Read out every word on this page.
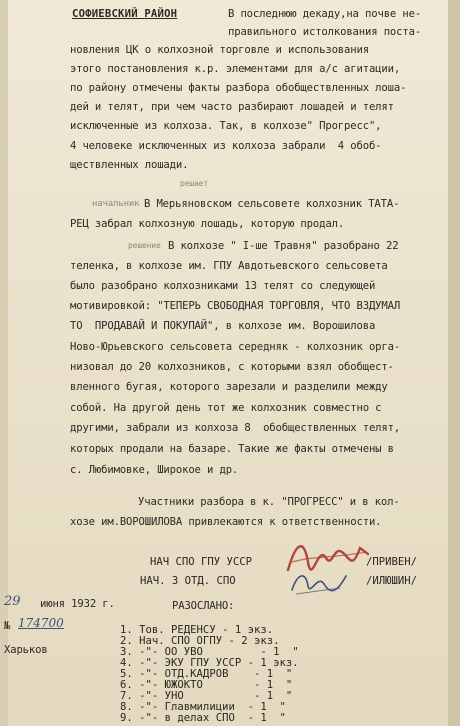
СОФИЕВСКИЙ РАЙОН	В последнюю декаду,на почве не-
правильного истолкования поста-
новления ЦК о колхозной торговле и использования
этого постановления к.р. элементами для а/с агитации,
по району отмечены факты разбора обобществленных лоша-
дей и телят, при чем часто разбирают лошадей и телят
исключенные из колхоза. Так, в колхозе" Прогресс",
4 человеке исключенных из колхоза забрали  4 обоб-
ществленных лошади.
решает
начальник В Мерьяновском сельсовете колхозник ТАТА-
РЕЦ забрал колхозную лошадь, которую продал.
решение В колхозе " I-ше Травня" разобрано 22
теленка, в колхозе им. ГПУ Авдотьевского сельсовета
было разобрано колхозниками 13 телят со следующей
мотивировкой: "ТЕПЕРЬ СВОБОДНАЯ ТОРГОВЛЯ, ЧТО ВЗДУМАЛ
ТО  ПРОДАВАЙ И ПОКУПАЙ", в колхозе им. Ворошилова
Ново-Юрьевского сельсовета середняк - колхозник орга-
низовал до 20 колхозников, с которыми взял обобщест-
вленного бугая, которого зарезали и разделили между
собой. На другой день тот же колхозник совместно с
другими, забрали из колхоза 8  обобществленных телят,
которых продали на базаре. Такие же факты отмечены в
с. Любимовке, Широкое и др.
Участники разбора в к. "ПРОГРЕСС" и в кол-
хозе им.ВОРОШИЛОВА привлекаются к ответственности.
НАЧ СПО ГПУ УССР	/ПРИВЕН/
НАЧ. 3 ОТД. СПО	/ИЛЮШИН/
29 июня 1932 г.
№ 174700
Харьков
РАЗОСЛАНО:
1. Тов. РЕДЕНСУ - 1 экз.
2. Нач. СПО ОГПУ - 2 экз.
3. -"- ОО УВО	- 1  "
4. -"- ЭКУ ГПУ УССР - 1 экз.
5. -"- ОТД.КАДРОВ - 1  "
6. -"- ЮЖОКТО	- 1  "
7. -"- УНО	- 1  "
8. -"- Главмилиции - 1  "
9. -"- в делах СПО - 1  "
